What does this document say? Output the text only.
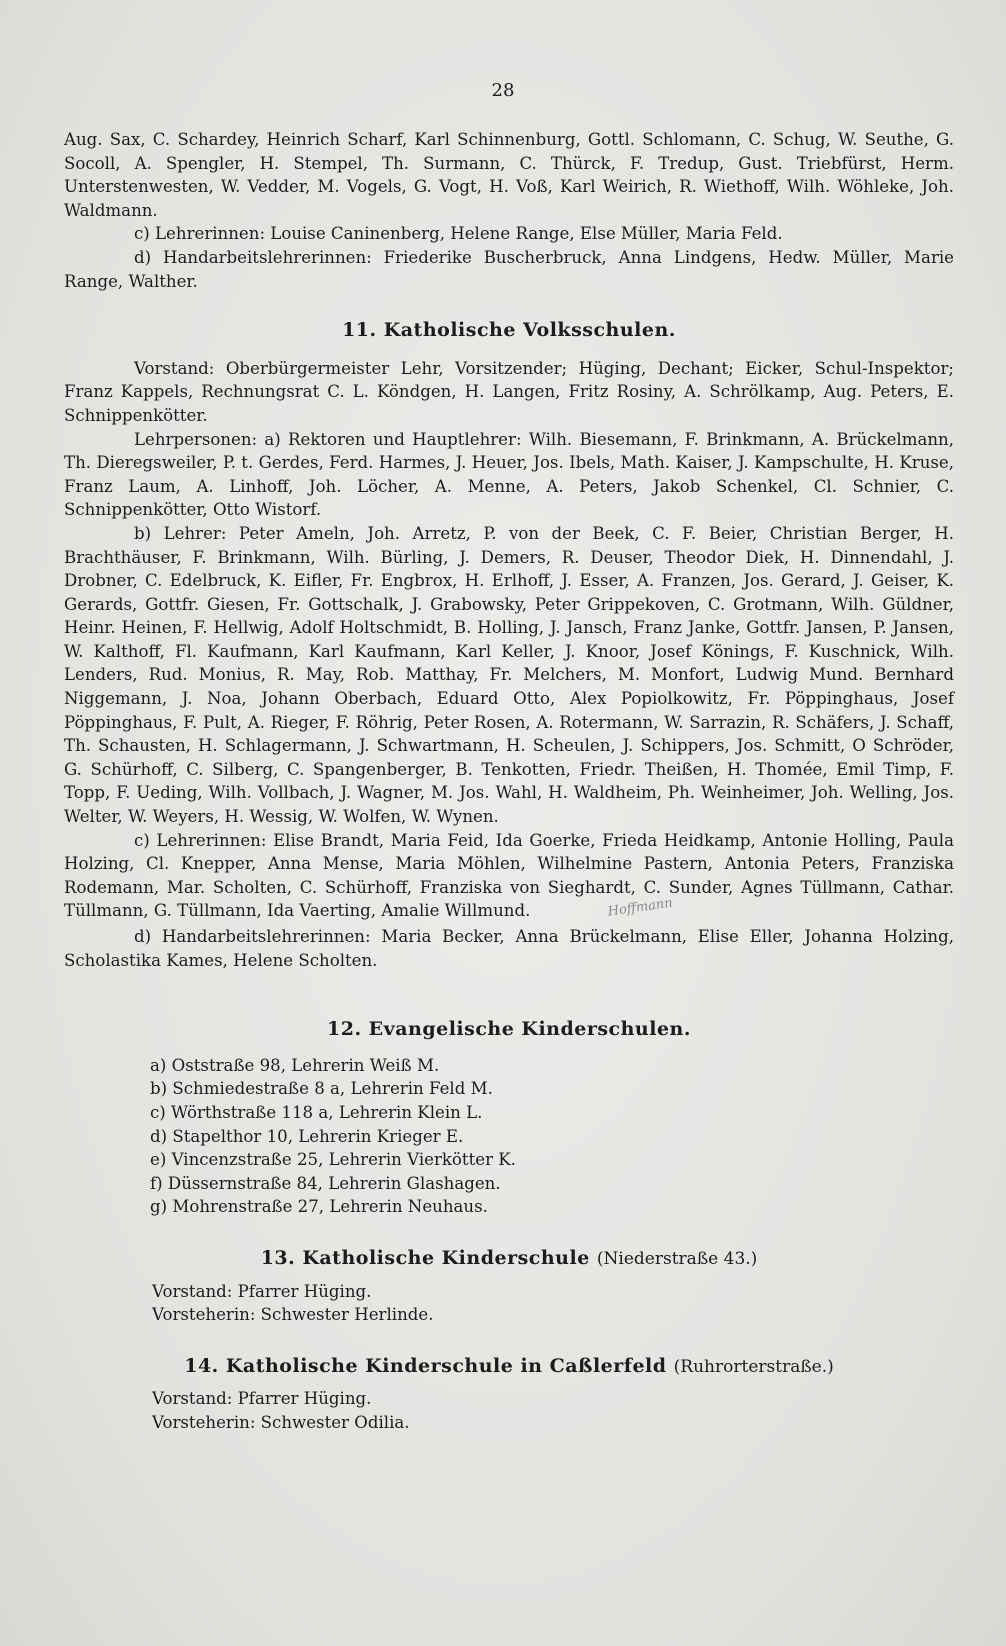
28

Aug. Sax, C. Schardey, Heinrich Scharf, Karl Schinnenburg, Gottl. Schlomann, C. Schug, W. Seuthe, G. Socoll, A. Spengler, H. Stempel, Th. Surmann, C. Thürck, F. Tredup, Gust. Triebfürst, Herm. Unterstenwesten, W. Vedder, M. Vogels, G. Vogt, H. Voß, Karl Weirich, R. Wiethoff, Wilh. Wöhleke, Joh. Waldmann.

c) Lehrerinnen: Louise Caninenberg, Helene Range, Else Müller, Maria Feld.

d) Handarbeitslehrerinnen: Friederike Buscherbruck, Anna Lindgens, Hedw. Müller, Marie Range, Walther.

11. Katholische Volksschulen.

Vorstand: Oberbürgermeister Lehr, Vorsitzender; Hüging, Dechant; Eicker, Schul-Inspektor; Franz Kappels, Rechnungsrat C. L. Köndgen, H. Langen, Fritz Rosiny, A. Schrölkamp, Aug. Peters, E. Schnippenkötter.

Lehrpersonen: a) Rektoren und Hauptlehrer: Wilh. Biesemann, F. Brinkmann, A. Brückelmann, Th. Dieregsweiler, P. t. Gerdes, Ferd. Harmes, J. Heuer, Jos. Ibels, Math. Kaiser, J. Kampschulte, H. Kruse, Franz Laum, A. Linhoff, Joh. Löcher, A. Menne, A. Peters, Jakob Schenkel, Cl. Schnier, C. Schnippenkötter, Otto Wistorf.

b) Lehrer: Peter Ameln, Joh. Arretz, P. von der Beek, C. F. Beier, Christian Berger, H. Brachthäuser, F. Brinkmann, Wilh. Bürling, J. Demers, R. Deuser, Theodor Diek, H. Dinnendahl, J. Drobner, C. Edelbruck, K. Eifler, Fr. Engbrox, H. Erlhoff, J. Esser, A. Franzen, Jos. Gerard, J. Geiser, K. Gerards, Gottfr. Giesen, Fr. Gottschalk, J. Grabowsky, Peter Grippekoven, C. Grotmann, Wilh. Güldner, Heinr. Heinen, F. Hellwig, Adolf Holtschmidt, B. Holling, J. Jansch, Franz Janke, Gottfr. Jansen, P. Jansen, W. Kalthoff, Fl. Kaufmann, Karl Kaufmann, Karl Keller, J. Knoor, Josef Könings, F. Kuschnick, Wilh. Lenders, Rud. Monius, R. May, Rob. Matthay, Fr. Melchers, M. Monfort, Ludwig Mund. Bernhard Niggemann, J. Noa, Johann Oberbach, Eduard Otto, Alex Popiolkowitz, Fr. Pöppinghaus, Josef Pöppinghaus, F. Pult, A. Rieger, F. Röhrig, Peter Rosen, A. Rotermann, W. Sarrazin, R. Schäfers, J. Schaff, Th. Schausten, H. Schlagermann, J. Schwartmann, H. Scheulen, J. Schippers, Jos. Schmitt, O Schröder, G. Schürhoff, C. Silberg, C. Spangenberger, B. Tenkotten, Friedr. Theißen, H. Thomée, Emil Timp, F. Topp, F. Ueding, Wilh. Vollbach, J. Wagner, M. Jos. Wahl, H. Waldheim, Ph. Weinheimer, Joh. Welling, Jos. Welter, W. Weyers, H. Wessig, W. Wolfen, W. Wynen.

c) Lehrerinnen: Elise Brandt, Maria Feid, Ida Goerke, Frieda Heidkamp, Antonie Holling, Paula Holzing, Cl. Knepper, Anna Mense, Maria Möhlen, Wilhelmine Pastern, Antonia Peters, Franziska Rodemann, Mar. Scholten, C. Schürhoff, Franziska von Sieghardt, C. Sunder, Agnes Tüllmann, Cathar. Tüllmann, G. Tüllmann, Ida Vaerting, Amalie Willmund.	Hoffmann

d) Handarbeitslehrerinnen: Maria Becker, Anna Brückelmann, Elise Eller, Johanna Holzing, Scholastika Kames, Helene Scholten.

12. Evangelische Kinderschulen.

a) Oststraße 98, Lehrerin Weiß M.

b) Schmiedestraße 8 a, Lehrerin Feld M.

c) Wörthstraße 118 a, Lehrerin Klein L.

d) Stapelthor 10, Lehrerin Krieger E.

e) Vincenzstraße 25, Lehrerin Vierkötter K.

f) Düssernstraße 84, Lehrerin Glashagen.

g) Mohrenstraße 27, Lehrerin Neuhaus.

13. Katholische Kinderschule (Niederstraße 43.)

Vorstand: Pfarrer Hüging.

Vorsteherin: Schwester Herlinde.

14. Katholische Kinderschule in Caßlerfeld (Ruhrorterstraße.)

Vorstand: Pfarrer Hüging.

Vorsteherin: Schwester Odilia.
